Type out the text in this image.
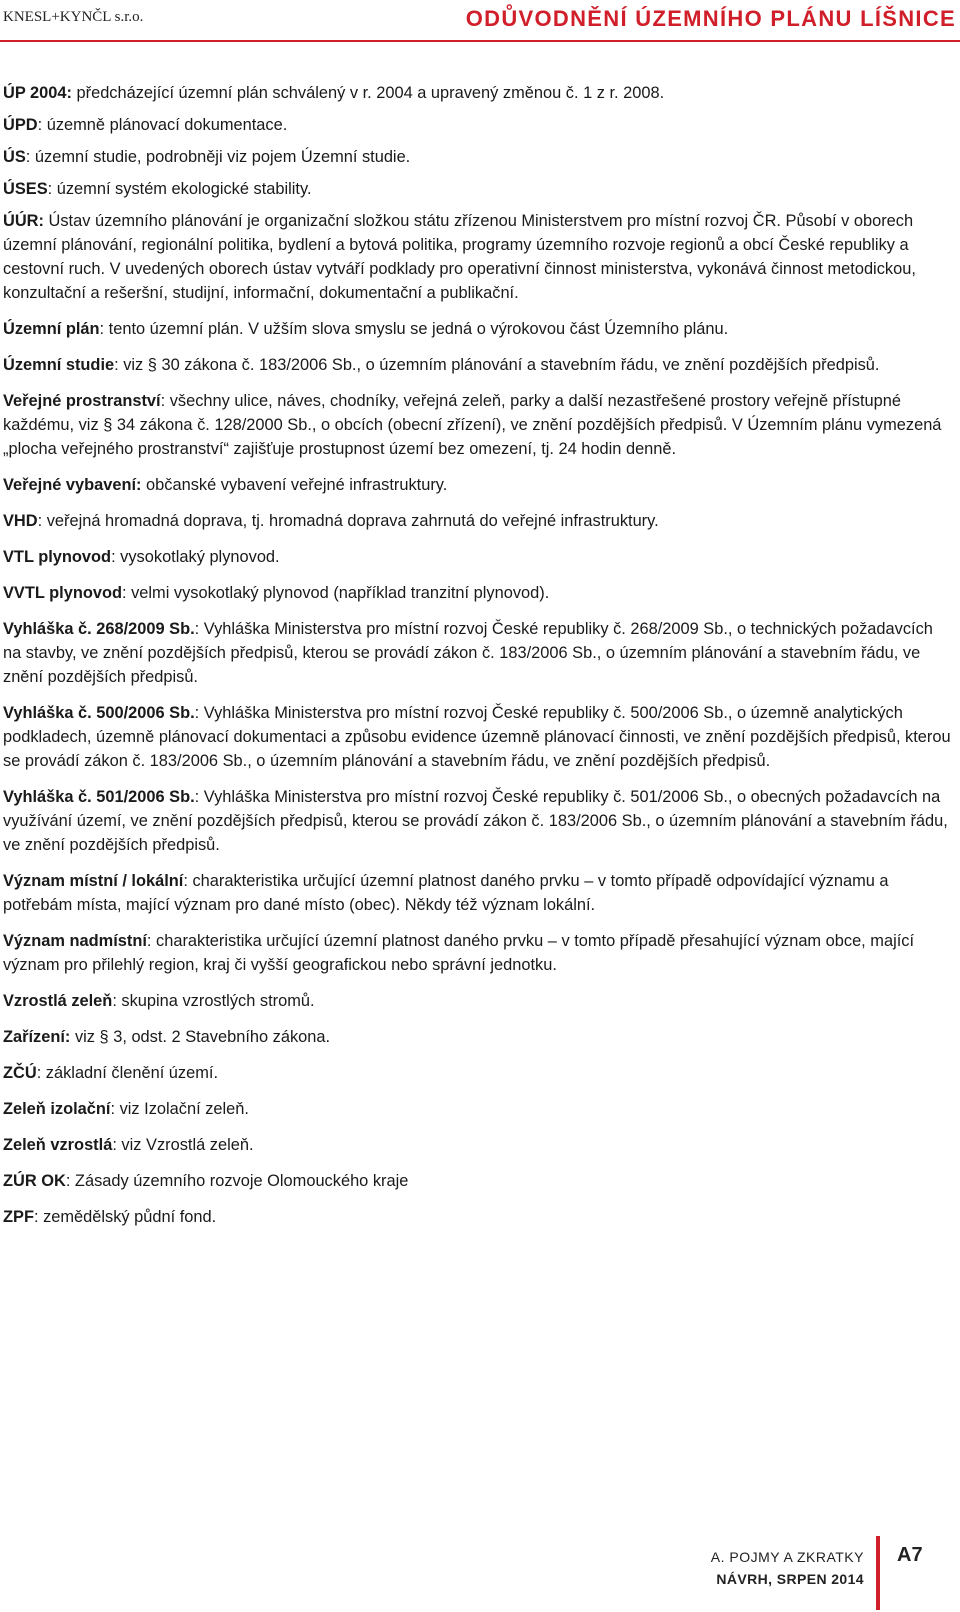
KNESL+KYNČL s.r.o.	ODŮVODNĚNÍ ÚZEMNÍHO PLÁNU LÍŠNICE

ÚP 2004: předcházející územní plán schválený v r. 2004 a upravený změnou č. 1 z r. 2008.

ÚPD: územně plánovací dokumentace.

ÚS: územní studie, podrobněji viz pojem Územní studie.

ÚSES: územní systém ekologické stability.

ÚÚR: Ústav územního plánování je organizační složkou státu zřízenou Ministerstvem pro místní rozvoj ČR. Působí v oborech územní plánování, regionální politika, bydlení a bytová politika, programy územního rozvoje regionů a obcí České republiky a cestovní ruch. V uvedených oborech ústav vytváří podklady pro operativní činnost ministerstva, vykonává činnost metodickou, konzultační a rešeršní, studijní, informační, dokumentační a publikační.

Územní plán: tento územní plán. V užším slova smyslu se jedná o výrokovou část Územního plánu.

Územní studie: viz § 30 zákona č. 183/2006 Sb., o územním plánování a stavebním řádu, ve znění pozdějších předpisů.

Veřejné prostranství: všechny ulice, náves, chodníky, veřejná zeleň, parky a další nezastřešené prostory veřejně přístupné každému, viz § 34 zákona č. 128/2000 Sb., o obcích (obecní zřízení), ve znění pozdějších předpisů. V Územním plánu vymezená „plocha veřejného prostranství“ zajišťuje prostupnost území bez omezení, tj. 24 hodin denně.

Veřejné vybavení: občanské vybavení veřejné infrastruktury.

VHD: veřejná hromadná doprava, tj. hromadná doprava zahrnutá do veřejné infrastruktury.

VTL plynovod: vysokotlaký plynovod.

VVTL plynovod: velmi vysokotlaký plynovod (například tranzitní plynovod).

Vyhláška č. 268/2009 Sb.: Vyhláška Ministerstva pro místní rozvoj České republiky č. 268/2009 Sb., o technických požadavcích na stavby, ve znění pozdějších předpisů, kterou se provádí zákon č. 183/2006 Sb., o územním plánování a stavebním řádu, ve znění pozdějších předpisů.

Vyhláška č. 500/2006 Sb.: Vyhláška Ministerstva pro místní rozvoj České republiky č. 500/2006 Sb., o územně analytických podkladech, územně plánovací dokumentaci a způsobu evidence územně plánovací činnosti, ve znění pozdějších předpisů, kterou se provádí zákon č. 183/2006 Sb., o územním plánování a stavebním řádu, ve znění pozdějších předpisů.

Vyhláška č. 501/2006 Sb.: Vyhláška Ministerstva pro místní rozvoj České republiky č. 501/2006 Sb., o obecných požadavcích na využívání území, ve znění pozdějších předpisů, kterou se provádí zákon č. 183/2006 Sb., o územním plánování a stavebním řádu, ve znění pozdějších předpisů.

Význam místní / lokální: charakteristika určující územní platnost daného prvku – v tomto případě odpovídající významu a potřebám místa, mající význam pro dané místo (obec). Někdy též význam lokální.

Význam nadmístní: charakteristika určující územní platnost daného prvku – v tomto případě přesahující význam obce, mající význam pro přilehlý region, kraj či vyšší geografickou nebo správní jednotku.

Vzrostlá zeleň: skupina vzrostlých stromů.

Zařízení: viz § 3, odst. 2 Stavebního zákona.

ZČÚ: základní členění území.

Zeleň izolační: viz Izolační zeleň.

Zeleň vzrostlá: viz Vzrostlá zeleň.

ZÚR OK: Zásady územního rozvoje Olomouckého kraje

ZPF: zemědělský půdní fond.

A. POJMY A ZKRATKY
NÁVRH, SRPEN 2014
A7
